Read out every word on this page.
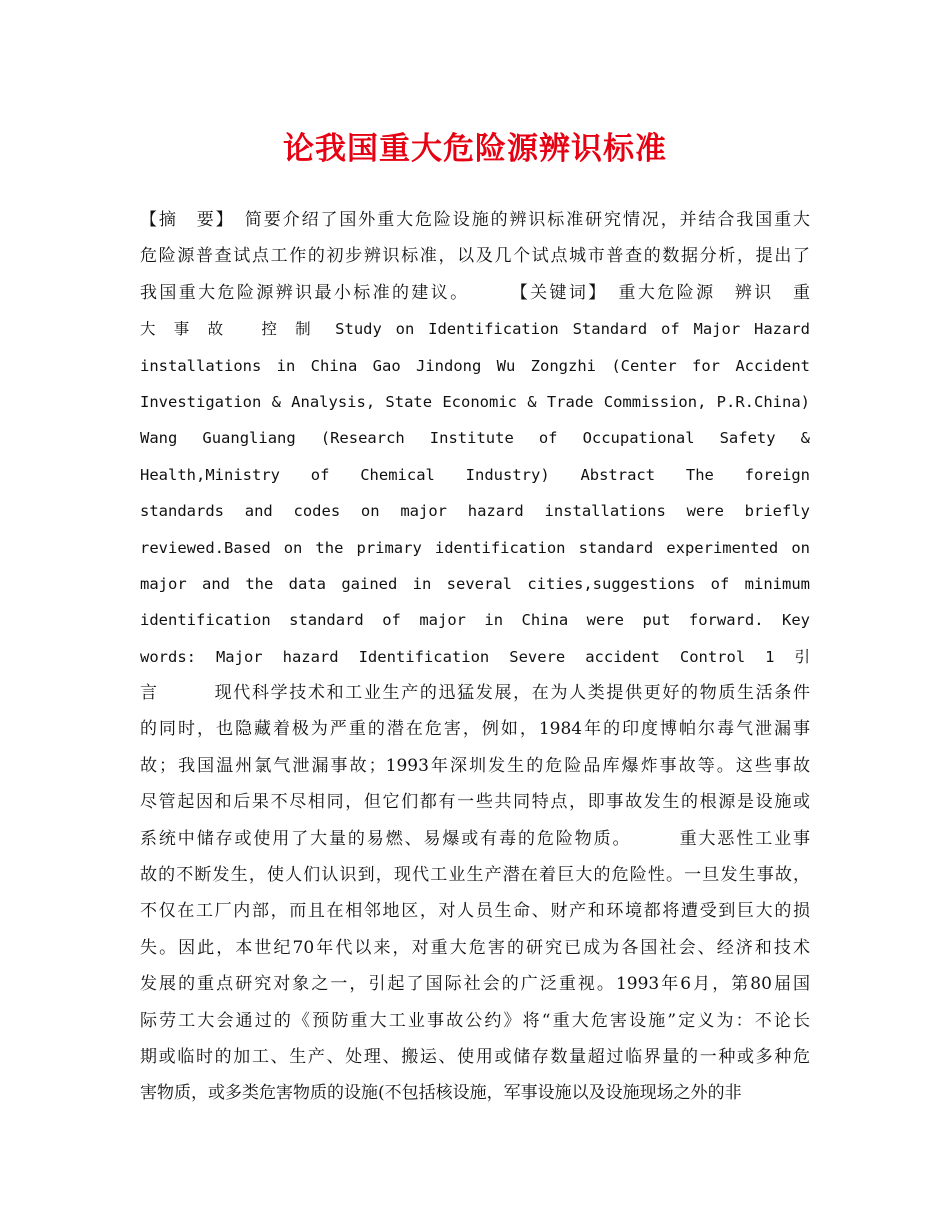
论我国重大危险源辨识标准
【摘　要】　简要介绍了国外重大危险设施的辨识标准研究情况，并结合我国重大
危险源普查试点工作的初步辨识标准，以及几个试点城市普查的数据分析，提出了
我国重大危险源辨识最小标准的建议。　　　【关键词】　重大危险源　辨识　重
大 事 故　 控 制　Study on Identification Standard of Major Hazard
installations in China Gao Jindong Wu Zongzhi (Center for Accident
Investigation & Analysis, State Economic & Trade Commission, P.R.China)
Wang Guangliang (Research Institute of Occupational Safety &
Health,Ministry of Chemical Industry) Abstract The foreign
standards and codes on major hazard installations were briefly
reviewed.Based on the primary identification standard experimented on
major and the data gained in several cities,suggestions of minimum
identification standard of major in China were put forward. Key
words: Major hazard Identification Severe accident Control 1 引
言　　　现代科学技术和工业生产的迅猛发展，在为人类提供更好的物质生活条件
的同时，也隐藏着极为严重的潜在危害，例如，1984年的印度博帕尔毒气泄漏事
故；我国温州氯气泄漏事故；1993年深圳发生的危险品库爆炸事故等。这些事故
尽管起因和后果不尽相同，但它们都有一些共同特点，即事故发生的根源是设施或
系统中储存或使用了大量的易燃、易爆或有毒的危险物质。　　　重大恶性工业事
故的不断发生，使人们认识到，现代工业生产潜在着巨大的危险性。一旦发生事故，
不仅在工厂内部，而且在相邻地区，对人员生命、财产和环境都将遭受到巨大的损
失。因此，本世纪70年代以来，对重大危害的研究已成为各国社会、经济和技术
发展的重点研究对象之一，引起了国际社会的广泛重视。1993年6月，第80届国
际劳工大会通过的《预防重大工业事故公约》将“重大危害设施”定义为：不论长
期或临时的加工、生产、处理、搬运、使用或储存数量超过临界量的一种或多种危
害物质，或多类危害物质的设施(不包括核设施，军事设施以及设施现场之外的非
